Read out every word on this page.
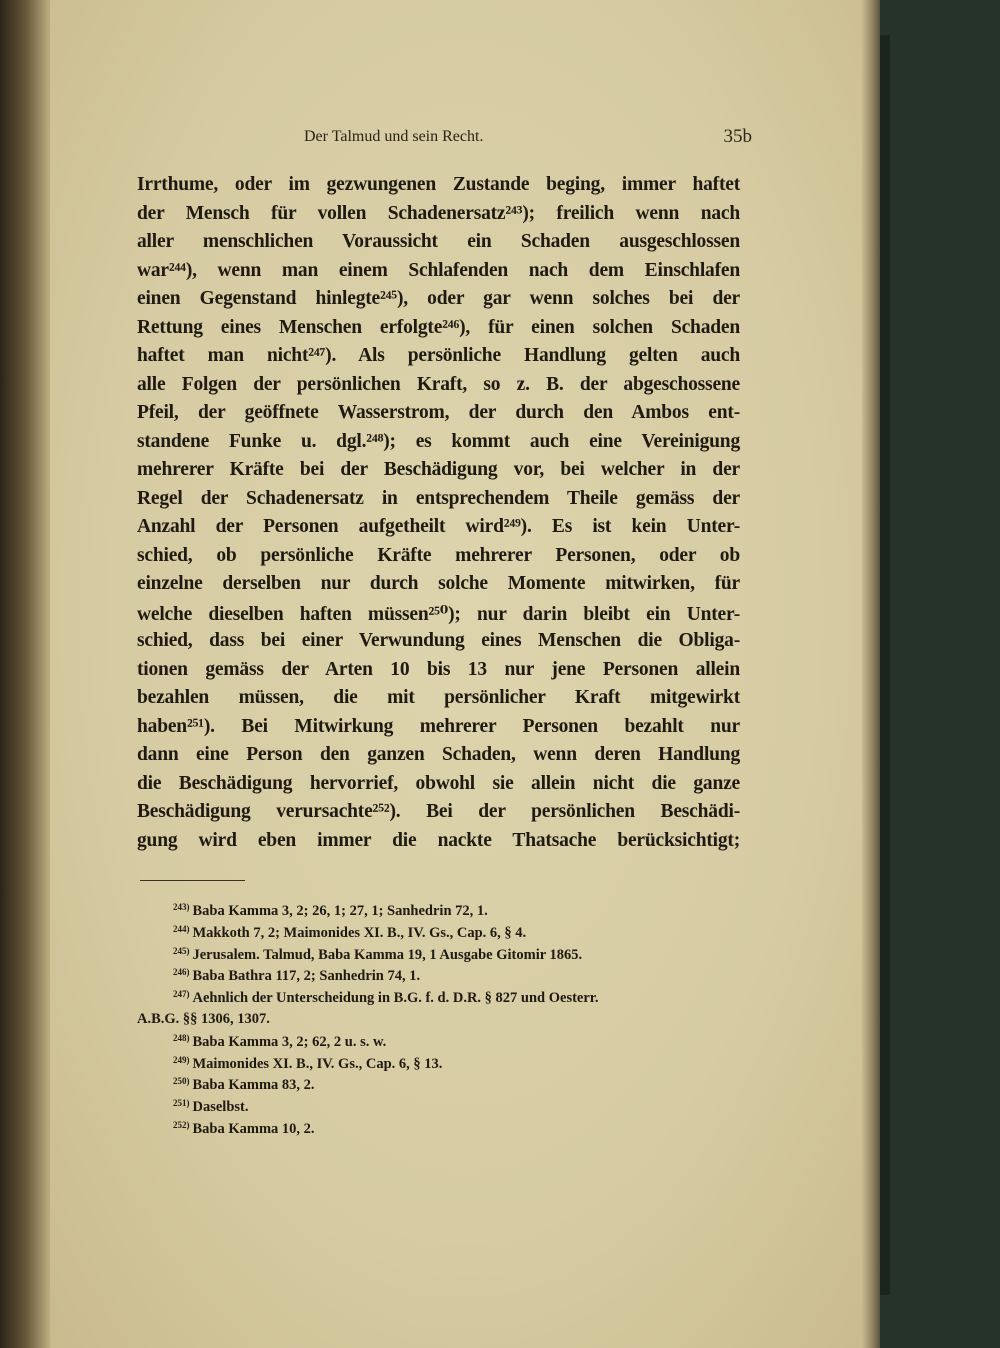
Der Talmud und sein Recht.	35b
Irrthume, oder im gezwungenen Zustande beging, immer haftet
der Mensch für vollen Schadenersatz²⁴³); freilich wenn nach
aller menschlichen Voraussicht ein Schaden ausgeschlossen
war²⁴⁴), wenn man einem Schlafenden nach dem Einschlafen
einen Gegenstand hinlegte²⁴⁵), oder gar wenn solches bei der
Rettung eines Menschen erfolgte²⁴⁶), für einen solchen Schaden
haftet man nicht²⁴⁷). Als persönliche Handlung gelten auch
alle Folgen der persönlichen Kraft, so z. B. der abgeschossene
Pfeil, der geöffnete Wasserstrom, der durch den Ambos ent-
standene Funke u. dgl.²⁴⁸); es kommt auch eine Vereinigung
mehrerer Kräfte bei der Beschädigung vor, bei welcher in der
Regel der Schadenersatz in entsprechendem Theile gemäss der
Anzahl der Personen aufgetheilt wird²⁴⁹). Es ist kein Unter-
schied, ob persönliche Kräfte mehrerer Personen, oder ob
einzelne derselben nur durch solche Momente mitwirken, für
welche dieselben haften müssen²⁵⁰); nur darin bleibt ein Unter-
schied, dass bei einer Verwundung eines Menschen die Obliga-
tionen gemäss der Arten 10 bis 13 nur jene Personen allein
bezahlen müssen, die mit persönlicher Kraft mitgewirkt
haben²⁵¹). Bei Mitwirkung mehrerer Personen bezahlt nur
dann eine Person den ganzen Schaden, wenn deren Handlung
die Beschädigung hervorrief, obwohl sie allein nicht die ganze
Beschädigung verursachte²⁵²). Bei der persönlichen Beschädi-
gung wird eben immer die nackte Thatsache berücksichtigt;
$^{243)}$ Baba Kamma 3, 2; 26, 1; 27, 1; Sanhedrin 72, 1.
$^{244)}$ Makkoth 7, 2; Maimonides XI. B., IV. Gs., Cap. 6, § 4.
$^{245)}$ Jerusalem. Talmud, Baba Kamma 19, 1 Ausgabe Gitomir 1865.
$^{246)}$ Baba Bathra 117, 2; Sanhedrin 74, 1.
$^{247)}$ Aehnlich der Unterscheidung in B.G. f. d. D.R. § 827 und Oesterr.
A.B.G. §§ 1306, 1307.
$^{248)}$ Baba Kamma 3, 2; 62, 2 u. s. w.
$^{249)}$ Maimonides XI. B., IV. Gs., Cap. 6, § 13.
$^{250)}$ Baba Kamma 83, 2.
$^{251)}$ Daselbst.
$^{252)}$ Baba Kamma 10, 2.
